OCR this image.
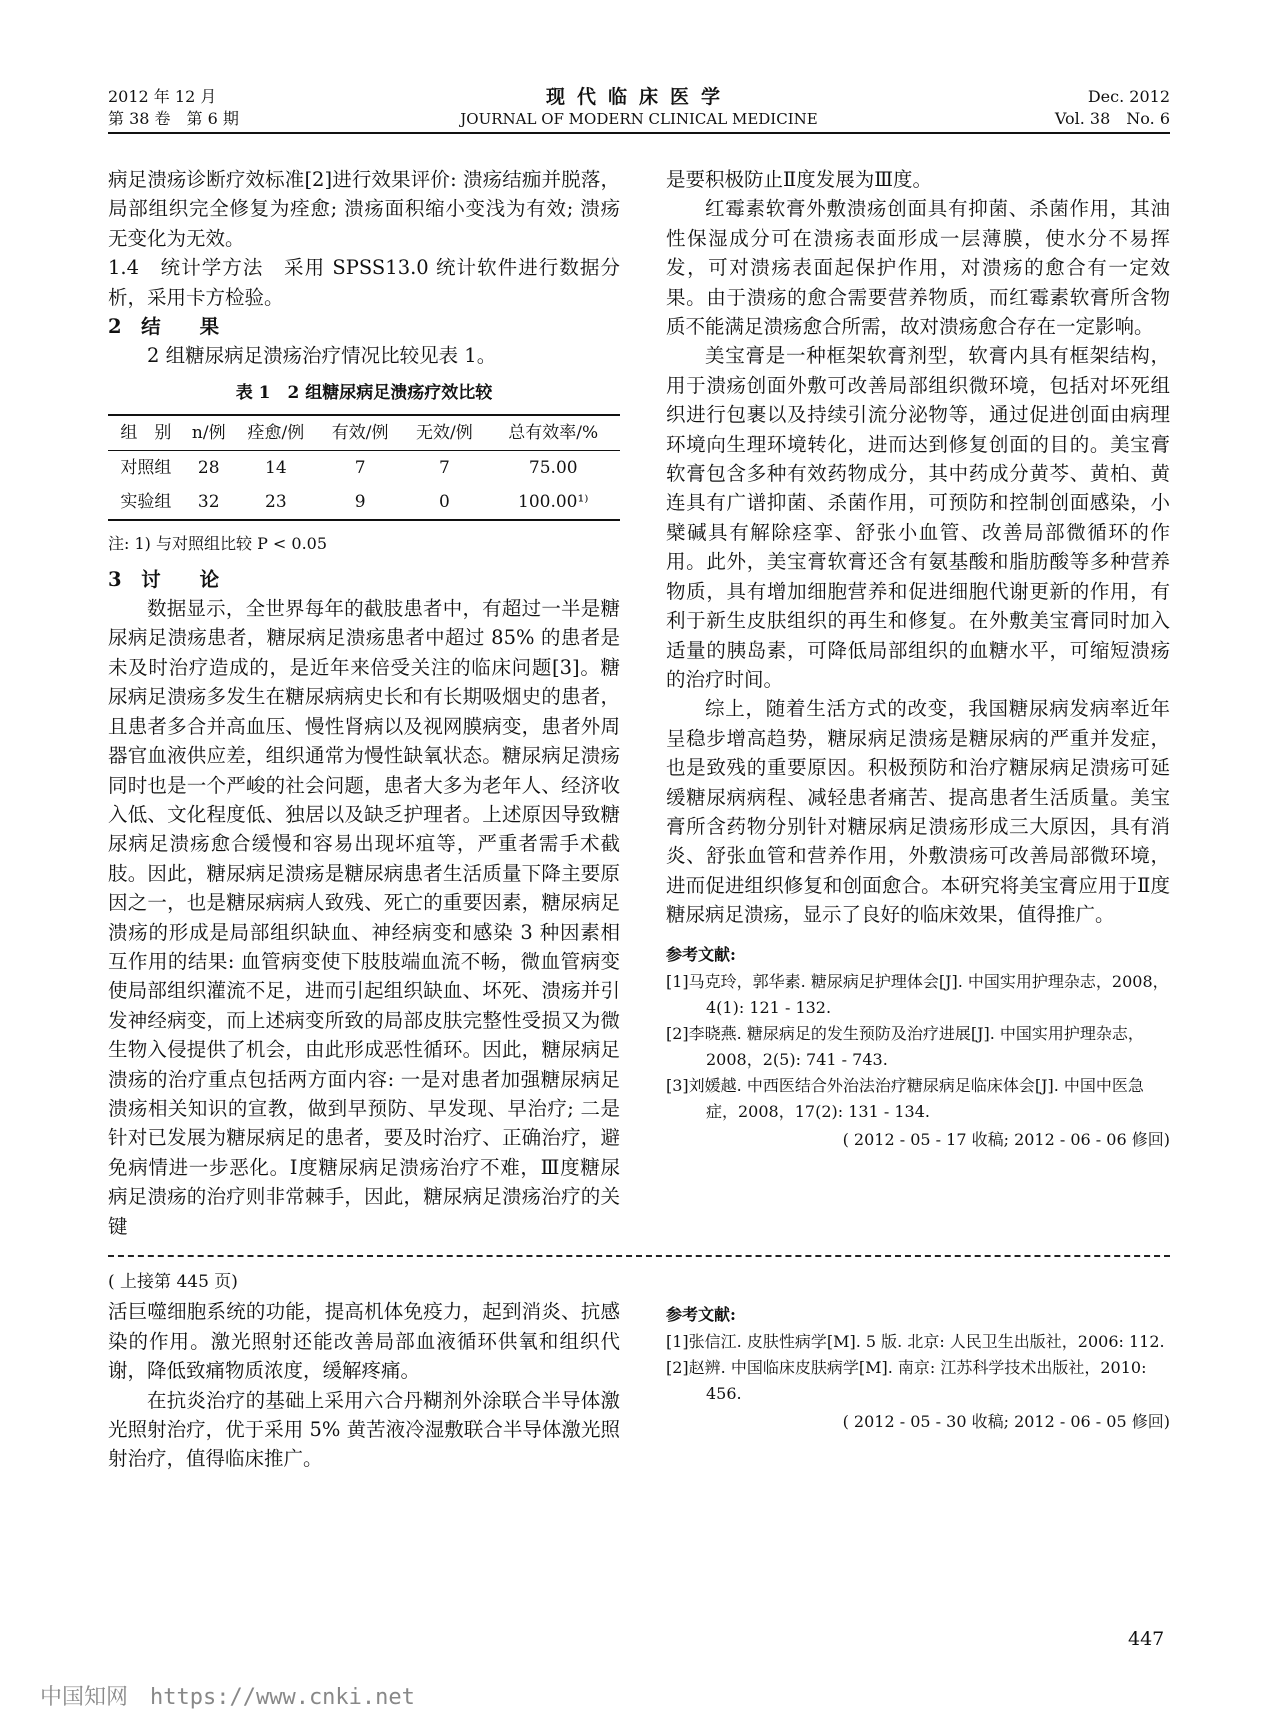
2012 年 12 月
第 38 卷　第 6 期
现代临床医学
JOURNAL OF MODERN CLINICAL MEDICINE
Dec. 2012
Vol. 38　No. 6

病足溃疡诊断疗效标准[2]进行效果评价: 溃疡结痂并脱落，局部组织完全修复为痊愈; 溃疡面积缩小变浅为有效; 溃疡无变化为无效。

1.4　统计学方法　采用 SPSS13.0 统计软件进行数据分析，采用卡方检验。

2　结　　果

2 组糖尿病足溃疡治疗情况比较见表 1。

表 1　2 组糖尿病足溃疡疗效比较
组　别	n/例	痊愈/例	有效/例	无效/例	总有效率/%
对照组	28	14	7	7	75.00
实验组	32	23	9	0	100.00¹⁾
注: 1) 与对照组比较 P < 0.05

3　讨　　论

数据显示，全世界每年的截肢患者中，有超过一半是糖尿病足溃疡患者，糖尿病足溃疡患者中超过 85% 的患者是未及时治疗造成的，是近年来倍受关注的临床问题[3]。糖尿病足溃疡多发生在糖尿病病史长和有长期吸烟史的患者，且患者多合并高血压、慢性肾病以及视网膜病变，患者外周器官血液供应差，组织通常为慢性缺氧状态。糖尿病足溃疡同时也是一个严峻的社会问题，患者大多为老年人、经济收入低、文化程度低、独居以及缺乏护理者。上述原因导致糖尿病足溃疡愈合缓慢和容易出现坏疽等，严重者需手术截肢。因此，糖尿病足溃疡是糖尿病患者生活质量下降主要原因之一，也是糖尿病病人致残、死亡的重要因素，糖尿病足溃疡的形成是局部组织缺血、神经病变和感染 3 种因素相互作用的结果: 血管病变使下肢肢端血流不畅，微血管病变使局部组织灌流不足，进而引起组织缺血、坏死、溃疡并引发神经病变，而上述病变所致的局部皮肤完整性受损又为微生物入侵提供了机会，由此形成恶性循环。因此，糖尿病足溃疡的治疗重点包括两方面内容: 一是对患者加强糖尿病足溃疡相关知识的宣教，做到早预防、早发现、早治疗; 二是针对已发展为糖尿病足的患者，要及时治疗、正确治疗，避免病情进一步恶化。Ⅰ度糖尿病足溃疡治疗不难，Ⅲ度糖尿病足溃疡的治疗则非常棘手，因此，糖尿病足溃疡治疗的关键

是要积极防止Ⅱ度发展为Ⅲ度。

红霉素软膏外敷溃疡创面具有抑菌、杀菌作用，其油性保湿成分可在溃疡表面形成一层薄膜，使水分不易挥发，可对溃疡表面起保护作用，对溃疡的愈合有一定效果。由于溃疡的愈合需要营养物质，而红霉素软膏所含物质不能满足溃疡愈合所需，故对溃疡愈合存在一定影响。

美宝膏是一种框架软膏剂型，软膏内具有框架结构，用于溃疡创面外敷可改善局部组织微环境，包括对坏死组织进行包裹以及持续引流分泌物等，通过促进创面由病理环境向生理环境转化，进而达到修复创面的目的。美宝膏软膏包含多种有效药物成分，其中药成分黄芩、黄柏、黄连具有广谱抑菌、杀菌作用，可预防和控制创面感染，小檗碱具有解除痉挛、舒张小血管、改善局部微循环的作用。此外，美宝膏软膏还含有氨基酸和脂肪酸等多种营养物质，具有增加细胞营养和促进细胞代谢更新的作用，有利于新生皮肤组织的再生和修复。在外敷美宝膏同时加入适量的胰岛素，可降低局部组织的血糖水平，可缩短溃疡的治疗时间。

综上，随着生活方式的改变，我国糖尿病发病率近年呈稳步增高趋势，糖尿病足溃疡是糖尿病的严重并发症，也是致残的重要原因。积极预防和治疗糖尿病足溃疡可延缓糖尿病病程、减轻患者痛苦、提高患者生活质量。美宝膏所含药物分别针对糖尿病足溃疡形成三大原因，具有消炎、舒张血管和营养作用，外敷溃疡可改善局部微环境，进而促进组织修复和创面愈合。本研究将美宝膏应用于Ⅱ度糖尿病足溃疡，显示了良好的临床效果，值得推广。

参考文献:
[1]马克玲，郭华素. 糖尿病足护理体会[J]. 中国实用护理杂志，2008，4(1): 121 - 132.
[2]李晓燕. 糖尿病足的发生预防及治疗进展[J]. 中国实用护理杂志，2008，2(5): 741 - 743.
[3]刘媛越. 中西医结合外治法治疗糖尿病足临床体会[J]. 中国中医急症，2008，17(2): 131 - 134.
( 2012 - 05 - 17 收稿; 2012 - 06 - 06 修回)

( 上接第 445 页)

活巨噬细胞系统的功能，提高机体免疫力，起到消炎、抗感染的作用。激光照射还能改善局部血液循环供氧和组织代谢，降低致痛物质浓度，缓解疼痛。

在抗炎治疗的基础上采用六合丹糊剂外涂联合半导体激光照射治疗，优于采用 5% 黄苦液冷湿敷联合半导体激光照射治疗，值得临床推广。

参考文献:
[1]张信江. 皮肤性病学[M]. 5 版. 北京: 人民卫生出版社，2006: 112.
[2]赵辨. 中国临床皮肤病学[M]. 南京: 江苏科学技术出版社，2010: 456.
( 2012 - 05 - 30 收稿; 2012 - 06 - 05 修回)
447
中国知网　https://www.cnki.net
